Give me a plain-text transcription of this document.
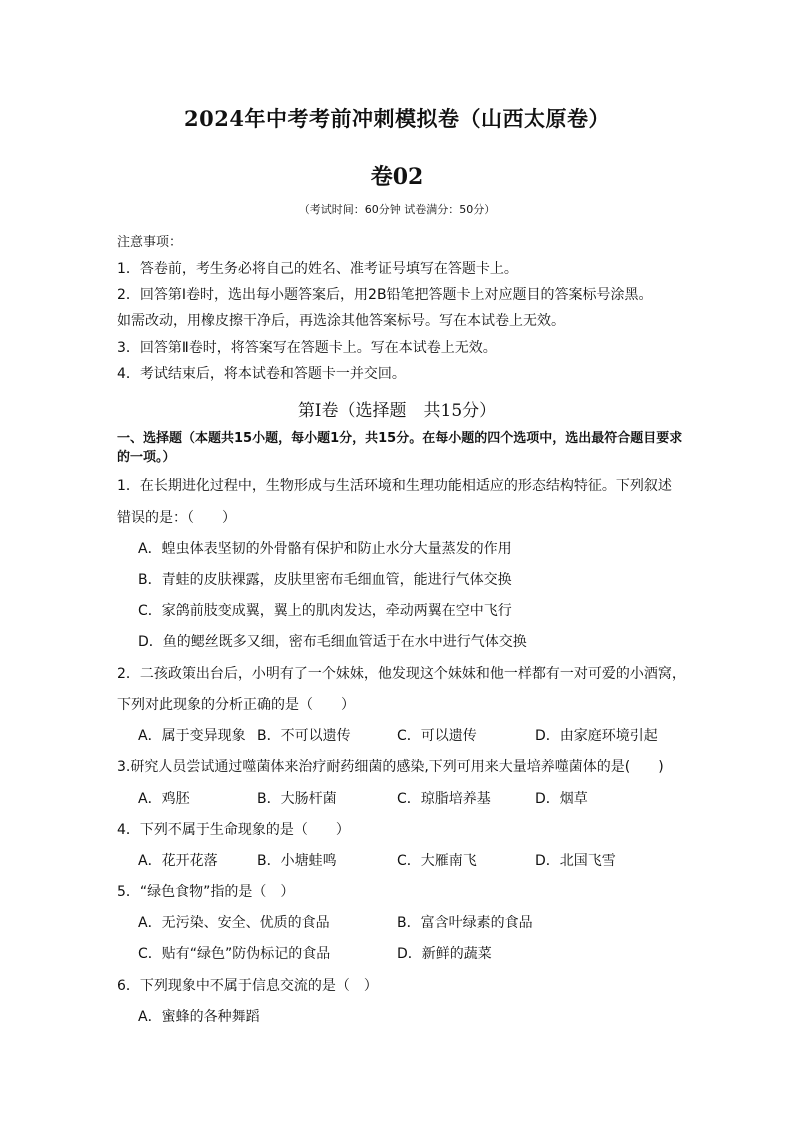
2024年中考考前冲刺模拟卷（山西太原卷）
卷02
（考试时间：60分钟 试卷满分：50分）
注意事项：
1．答卷前，考生务必将自己的姓名、准考证号填写在答题卡上。
2．回答第Ⅰ卷时，选出每小题答案后，用2B铅笔把答题卡上对应题目的答案标号涂黑。
如需改动，用橡皮擦干净后，再选涂其他答案标号。写在本试卷上无效。
3．回答第Ⅱ卷时，将答案写在答题卡上。写在本试卷上无效。
4．考试结束后，将本试卷和答题卡一并交回。
第Ⅰ卷（选择题　共15分）
一、选择题（本题共15小题，每小题1分，共15分。在每小题的四个选项中，选出最符合题目要求的一项。）
1．在长期进化过程中，生物形成与生活环境和生理功能相适应的形态结构特征。下列叙述
错误的是：（　　）
A．蝗虫体表坚韧的外骨骼有保护和防止水分大量蒸发的作用
B．青蛙的皮肤裸露，皮肤里密布毛细血管，能进行气体交换
C．家鸽前肢变成翼，翼上的肌肉发达，牵动两翼在空中飞行
D．鱼的鳃丝既多又细，密布毛细血管适于在水中进行气体交换
2．二孩政策出台后，小明有了一个妹妹，他发现这个妹妹和他一样都有一对可爱的小酒窝，
下列对此现象的分析正确的是（　　）
A．属于变异现象 B．不可以遗传	C．可以遗传	D．由家庭环境引起
3.研究人员尝试通过噬菌体来治疗耐药细菌的感染,下列可用来大量培养噬菌体的是(　　)
A．鸡胚	B．大肠杆菌	C．琼脂培养基	D．烟草
4．下列不属于生命现象的是（　　）
A．花开花落	B．小塘蛙鸣	C．大雁南飞	D．北国飞雪
5．“绿色食物”指的是（　）
A．无污染、安全、优质的食品	B．富含叶绿素的食品
C．贴有“绿色”防伪标记的食品	D．新鲜的蔬菜
6．下列现象中不属于信息交流的是（　）
A．蜜蜂的各种舞蹈
